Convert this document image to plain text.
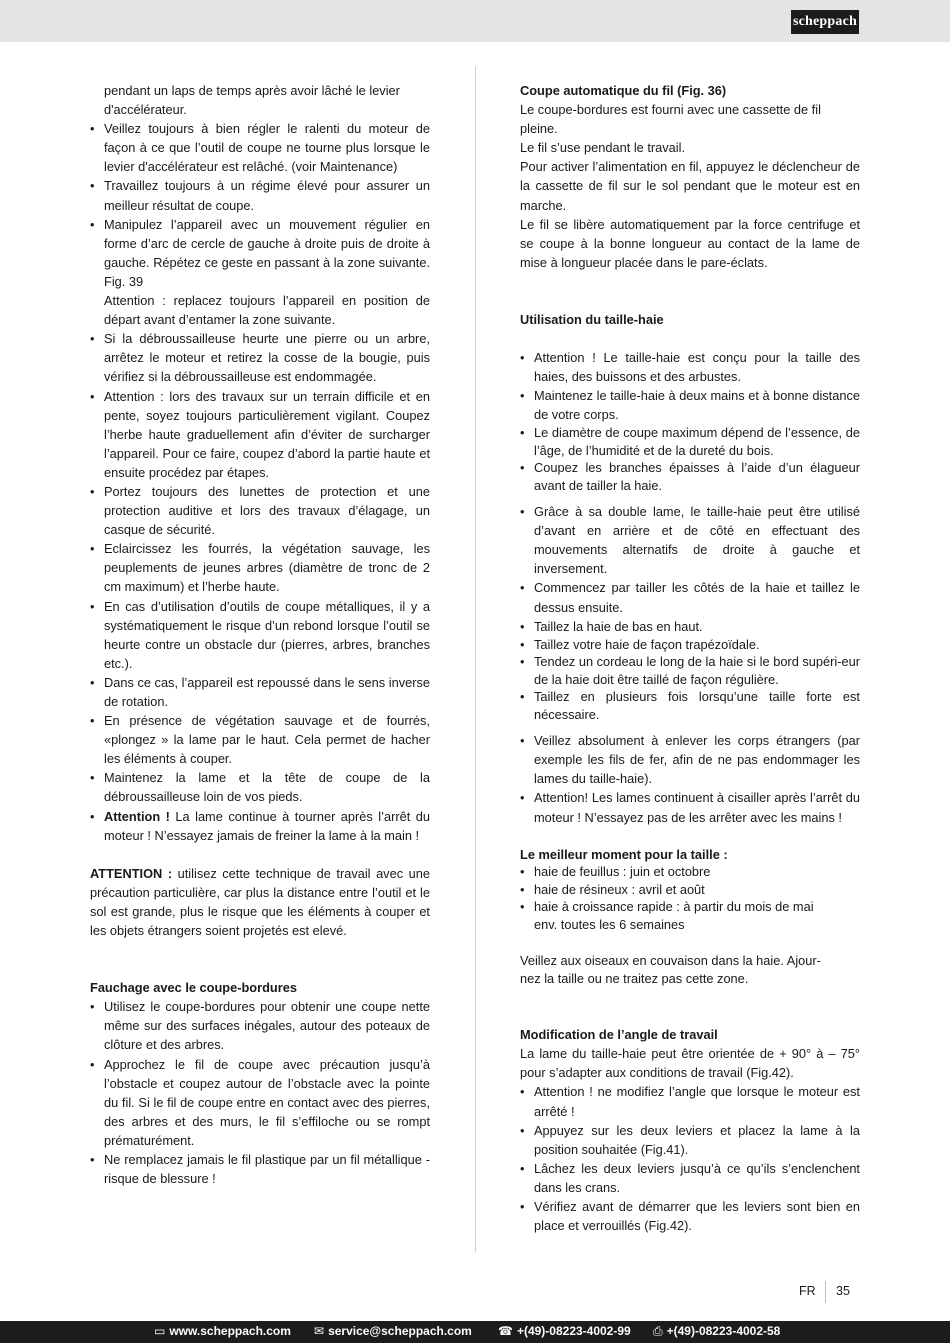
scheppach
pendant un laps de temps après avoir lâché le levier
d'accélérateur.
• Veillez toujours à bien régler le ralenti du moteur de façon à ce que l’outil de coupe ne tourne plus lorsque le levier d'accélérateur est relâché. (voir Maintenance)
• Travaillez toujours à un régime élevé pour assurer un meilleur résultat de coupe.
• Manipulez l’appareil avec un mouvement régulier en forme d’arc de cercle de gauche à droite puis de droite à gauche. Répétez ce geste en passant à la zone suivante. Fig. 39
Attention : replacez toujours l’appareil en position de départ avant d’entamer la zone suivante.
• Si la débroussailleuse heurte une pierre ou un arbre, arrêtez le moteur et retirez la cosse de la bougie, puis vérifiez si la débroussailleuse est endommagée.
• Attention : lors des travaux sur un terrain difficile et en pente, soyez toujours particulièrement vigilant. Coupez l’herbe haute graduellement afin d’éviter de surcharger l’appareil. Pour ce faire, coupez d’abord la partie haute et ensuite procédez par étapes.
• Portez toujours des lunettes de protection et une protection auditive et lors des travaux d’élagage, un casque de sécurité.
• Eclaircissez les fourrés, la végétation sauvage, les peuplements de jeunes arbres (diamètre de tronc de 2 cm maximum) et l’herbe haute.
• En cas d’utilisation d’outils de coupe métalliques, il y a systématiquement le risque d’un rebond lorsque l’outil se heurte contre un obstacle dur (pierres, arbres, branches etc.).
• Dans ce cas, l’appareil est repoussé dans le sens inverse de rotation.
• En présence de végétation sauvage et de fourrés, «plongez » la lame par le haut. Cela permet de hacher les éléments à couper.
• Maintenez la lame et la tête de coupe de la débroussailleuse loin de vos pieds.
• Attention ! La lame continue à tourner après l’arrêt du moteur ! N’essayez jamais de freiner la lame à la main !

ATTENTION : utilisez cette technique de travail avec une précaution particulière, car plus la distance entre l’outil et le sol est grande, plus le risque que les éléments à couper et les objets étrangers soient projetés est elevé.

Fauchage avec le coupe-bordures

• Utilisez le coupe-bordures pour obtenir une coupe nette même sur des surfaces inégales, autour des poteaux de clôture et des arbres.
• Approchez le fil de coupe avec précaution jusqu’à l’obstacle et coupez autour de l’obstacle avec la pointe du fil. Si le fil de coupe entre en contact avec des pierres, des arbres et des murs, le fil s’effiloche ou se rompt prématurément.
• Ne remplacez jamais le fil plastique par un fil métallique - risque de blessure !

Coupe automatique du fil (Fig. 36)

Le coupe-bordures est fourni avec une cassette de fil pleine.

Le fil s’use pendant le travail.

Pour activer l’alimentation en fil, appuyez le déclencheur de la cassette de fil sur le sol pendant que le moteur est en marche.

Le fil se libère automatiquement par la force centrifuge et se coupe à la bonne longueur au contact de la lame de mise à longueur placée dans le pare-éclats.

Utilisation du taille-haie

• Attention ! Le taille-haie est conçu pour la taille des haies, des buissons et des arbustes.
• Maintenez le taille-haie à deux mains et à bonne distance de votre corps.
• Le diamètre de coupe maximum dépend de l’essence, de l’âge, de l’humidité et de la dureté du bois.
• Coupez les branches épaisses à l’aide d’un élagueur avant de tailler la haie.
• Grâce à sa double lame, le taille-haie peut être utilisé d’avant en arrière et de côté en effectuant des mouvements alternatifs de droite à gauche et inversement.
• Commencez par tailler les côtés de la haie et taillez le dessus ensuite.
• Taillez la haie de bas en haut.
• Taillez votre haie de façon trapézoïdale.
• Tendez un cordeau le long de la haie si le bord supéri-eur de la haie doit être taillé de façon régulière.
• Taillez en plusieurs fois lorsqu’une taille forte est nécessaire.
• Veillez absolument à enlever les corps étrangers (par exemple les fils de fer, afin de ne pas endommager les lames du taille-haie).
• Attention! Les lames continuent à cisailler après l’arrêt du moteur ! N’essayez pas de les arrêter avec les mains !

Le meilleur moment pour la taille :

• haie de feuillus : juin et octobre
• haie de résineux : avril et août
• haie à croissance rapide : à partir du mois de mai
env. toutes les 6 semaines

Veillez aux oiseaux en couvaison dans la haie. Ajour-

nez la taille ou ne traitez pas cette zone.

Modification de l’angle de travail

La lame du taille-haie peut être orientée de + 90° à – 75° pour s’adapter aux conditions de travail (Fig.42).

• Attention ! ne modifiez l’angle que lorsque le moteur est arrêté !
• Appuyez sur les deux leviers et placez la lame à la position souhaitée (Fig.41).
• Lâchez les deux leviers jusqu’à ce qu’ils s’enclenchent dans les crans.
• Vérifiez avant de démarrer que les leviers sont bien en place et verrouillés (Fig.42).
FR 35
▭ www.scheppach.com ✉ service@scheppach.com ☎ +(49)-08223-4002-99 ⎙ +(49)-08223-4002-58
